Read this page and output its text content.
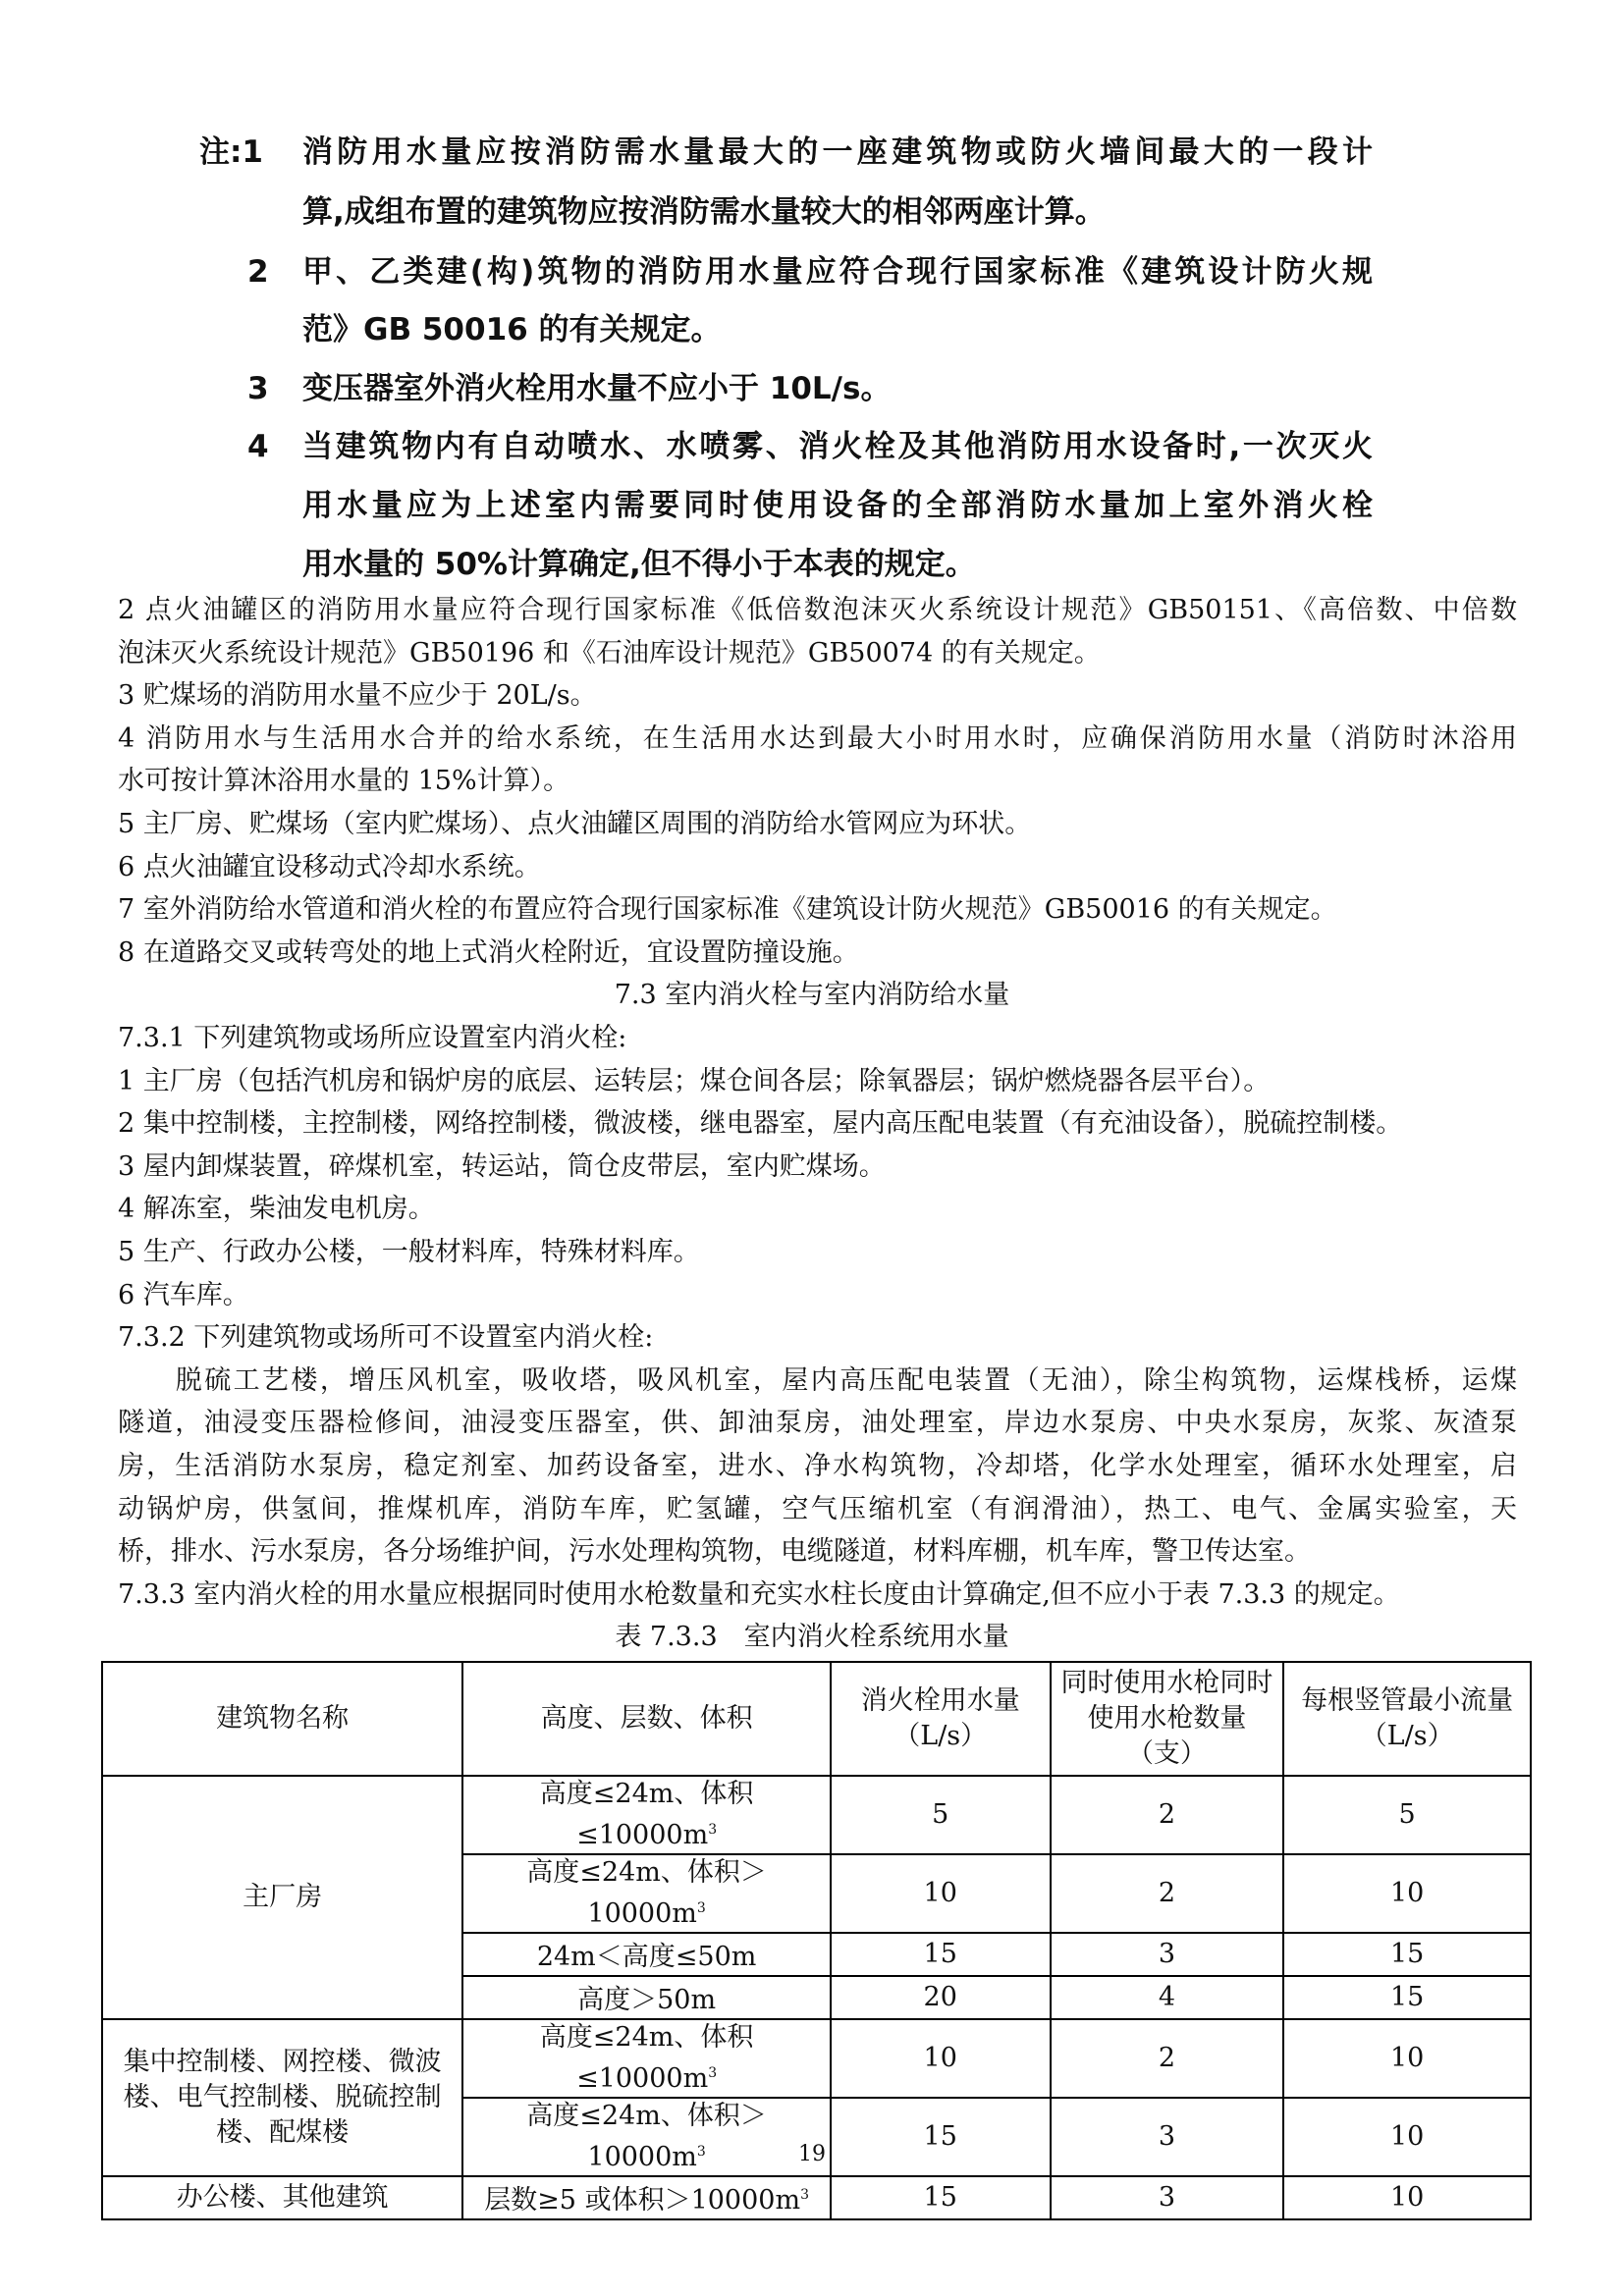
注:1 消防用水量应按消防需水量最大的一座建筑物或防火墙间最大的一段计
算,成组布置的建筑物应按消防需水量较大的相邻两座计算。
2 甲、乙类建(构)筑物的消防用水量应符合现行国家标准《建筑设计防火规
范》GB 50016 的有关规定。
3 变压器室外消火栓用水量不应小于 10L/s。
4 当建筑物内有自动喷水、水喷雾、消火栓及其他消防用水设备时,一次灭火
用水量应为上述室内需要同时使用设备的全部消防水量加上室外消火栓
用水量的 50%计算确定,但不得小于本表的规定。
2 点火油罐区的消防用水量应符合现行国家标准《低倍数泡沫灭火系统设计规范》GB50151、《高倍数、中倍数
泡沫灭火系统设计规范》GB50196 和《石油库设计规范》GB50074 的有关规定。
3 贮煤场的消防用水量不应少于 20L/s。
4 消防用水与生活用水合并的给水系统，在生活用水达到最大小时用水时，应确保消防用水量（消防时沐浴用
水可按计算沐浴用水量的 15%计算）。
5 主厂房、贮煤场（室内贮煤场）、点火油罐区周围的消防给水管网应为环状。
6 点火油罐宜设移动式冷却水系统。
7 室外消防给水管道和消火栓的布置应符合现行国家标准《建筑设计防火规范》GB50016 的有关规定。
8 在道路交叉或转弯处的地上式消火栓附近，宜设置防撞设施。
7.3 室内消火栓与室内消防给水量
7.3.1 下列建筑物或场所应设置室内消火栓:
1 主厂房（包括汽机房和锅炉房的底层、运转层；煤仓间各层；除氧器层；锅炉燃烧器各层平台）。
2 集中控制楼，主控制楼，网络控制楼，微波楼，继电器室，屋内高压配电装置（有充油设备），脱硫控制楼。
3 屋内卸煤装置，碎煤机室，转运站，筒仓皮带层，室内贮煤场。
4 解冻室，柴油发电机房。
5 生产、行政办公楼，一般材料库，特殊材料库。
6 汽车库。
7.3.2 下列建筑物或场所可不设置室内消火栓:
　　脱硫工艺楼，增压风机室，吸收塔，吸风机室，屋内高压配电装置（无油），除尘构筑物，运煤栈桥，运煤
隧道，油浸变压器检修间，油浸变压器室，供、卸油泵房，油处理室，岸边水泵房、中央水泵房，灰浆、灰渣泵
房，生活消防水泵房，稳定剂室、加药设备室，进水、净水构筑物，冷却塔，化学水处理室，循环水处理室，启
动锅炉房，供氢间，推煤机库，消防车库，贮氢罐，空气压缩机室（有润滑油），热工、电气、金属实验室，天
桥，排水、污水泵房，各分场维护间，污水处理构筑物，电缆隧道，材料库棚，机车库，警卫传达室。
7.3.3 室内消火栓的用水量应根据同时使用水枪数量和充实水柱长度由计算确定,但不应小于表 7.3.3 的规定。
表 7.3.3　室内消火栓系统用水量
建筑物名称	高度、层数、体积	消火栓用水量（L/s）	同时使用水枪同时使用水枪数量（支）	每根竖管最小流量（L/s）
主厂房	高度≤24m、体积$\le 10000m^3$	5	2	5
	高度≤24m、体积$>10000m^3$	10	2	10
	24m＜高度≤50m	15	3	15
	高度＞50m	20	4	15
集中控制楼、网控楼、微波楼、电气控制楼、脱硫控制楼、配煤楼	高度≤24m、体积$\le 10000m^3$	10	2	10
	高度≤24m、体积$>10000m^3$	15	3	10
办公楼、其他建筑	层数≥5 或体积$>10000m^3$	15	3	10
19
